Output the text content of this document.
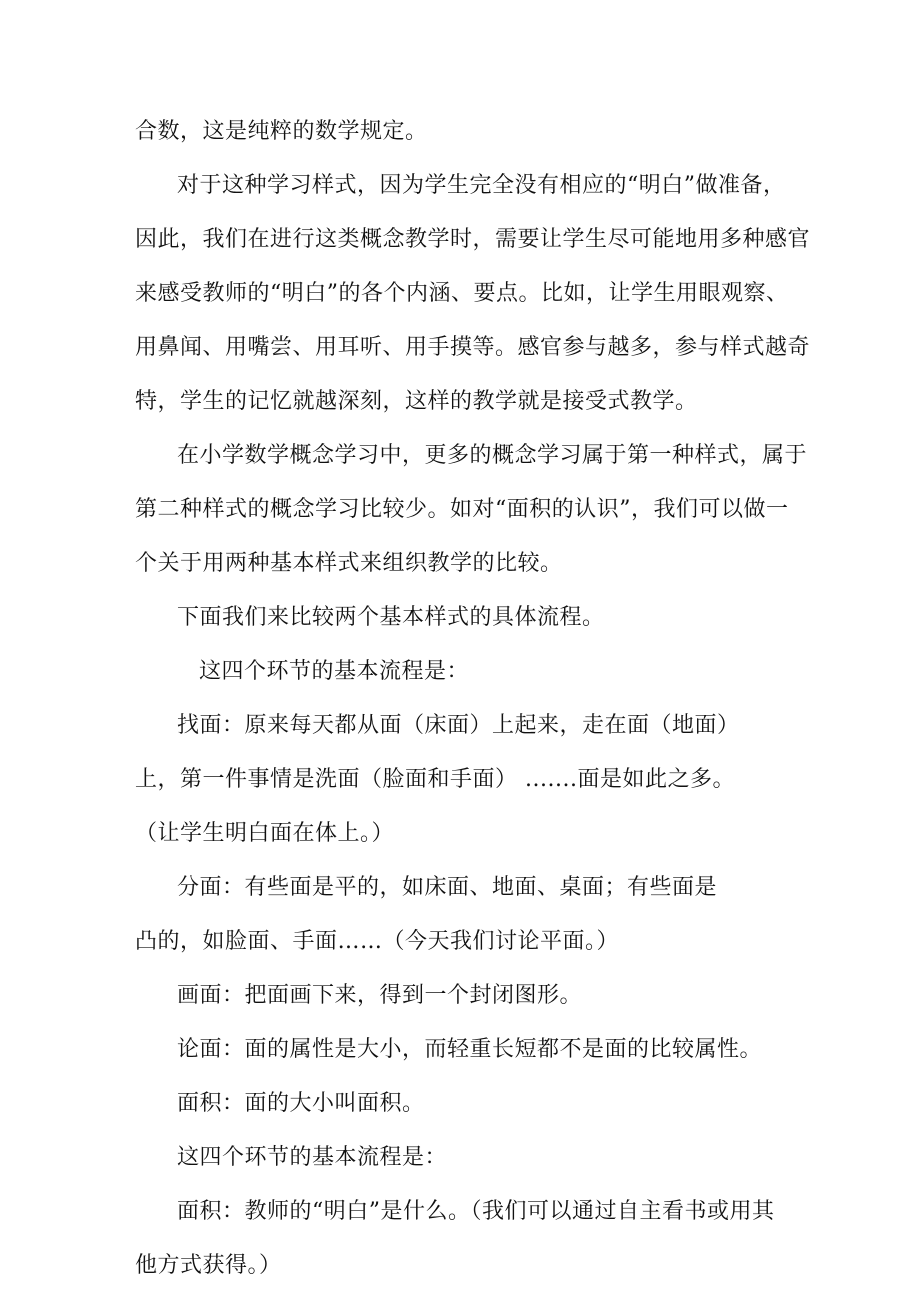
合数，这是纯粹的数学规定。
对于这种学习样式，因为学生完全没有相应的“明白”做准备，
因此，我们在进行这类概念教学时，需要让学生尽可能地用多种感官
来感受教师的“明白”的各个内涵、要点。比如，让学生用眼观察、
用鼻闻、用嘴尝、用耳听、用手摸等。感官参与越多，参与样式越奇
特，学生的记忆就越深刻，这样的教学就是接受式教学。
在小学数学概念学习中，更多的概念学习属于第一种样式，属于
第二种样式的概念学习比较少。如对“面积的认识”，我们可以做一
个关于用两种基本样式来组织教学的比较。
下面我们来比较两个基本样式的具体流程。
这四个环节的基本流程是：
找面：原来每天都从面（床面）上起来，走在面（地面）
上，第一件事情是洗面（脸面和手面） .......面是如此之多。
（让学生明白面在体上。）
分面：有些面是平的，如床面、地面、桌面；有些面是
凸的，如脸面、手面……（今天我们讨论平面。）
画面：把面画下来，得到一个封闭图形。
论面：面的属性是大小，而轻重长短都不是面的比较属性。
面积：面的大小叫面积。
这四个环节的基本流程是：
面积：教师的“明白”是什么。（我们可以通过自主看书或用其
他方式获得。）
